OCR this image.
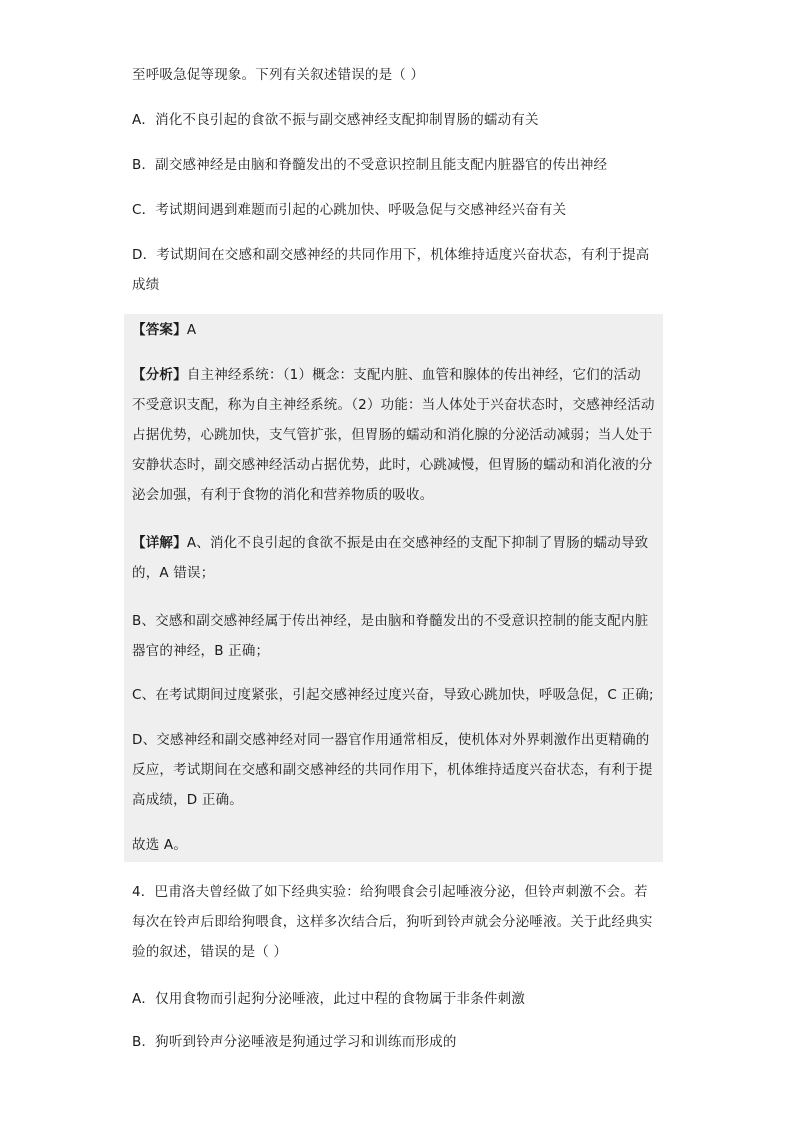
至呼吸急促等现象。下列有关叙述错误的是（ ）
A．消化不良引起的食欲不振与副交感神经支配抑制胃肠的蠕动有关
B．副交感神经是由脑和脊髓发出的不受意识控制且能支配内脏器官的传出神经
C．考试期间遇到难题而引起的心跳加快、呼吸急促与交感神经兴奋有关
D．考试期间在交感和副交感神经的共同作用下，机体维持适度兴奋状态，有利于提高
成绩
【答案】A
【分析】自主神经系统：（1）概念：支配内脏、血管和腺体的传出神经，它们的活动
不受意识支配，称为自主神经系统。（2）功能：当人体处于兴奋状态时，交感神经活动
占据优势，心跳加快，支气管扩张，但胃肠的蠕动和消化腺的分泌活动减弱；当人处于
安静状态时，副交感神经活动占据优势，此时，心跳减慢，但胃肠的蠕动和消化液的分
泌会加强，有利于食物的消化和营养物质的吸收。
【详解】A、消化不良引起的食欲不振是由在交感神经的支配下抑制了胃肠的蠕动导致
的，A 错误；
B、交感和副交感神经属于传出神经，是由脑和脊髓发出的不受意识控制的能支配内脏
器官的神经，B 正确；
C、在考试期间过度紧张，引起交感神经过度兴奋，导致心跳加快，呼吸急促，C 正确;
D、交感神经和副交感神经对同一器官作用通常相反，使机体对外界刺激作出更精确的
反应，考试期间在交感和副交感神经的共同作用下，机体维持适度兴奋状态，有利于提
高成绩，D 正确。
故选 A。
4．巴甫洛夫曾经做了如下经典实验：给狗喂食会引起唾液分泌，但铃声刺激不会。若
每次在铃声后即给狗喂食，这样多次结合后，狗听到铃声就会分泌唾液。关于此经典实
验的叙述，错误的是（ ）
A．仅用食物而引起狗分泌唾液，此过中程的食物属于非条件刺激
B．狗听到铃声分泌唾液是狗通过学习和训练而形成的
